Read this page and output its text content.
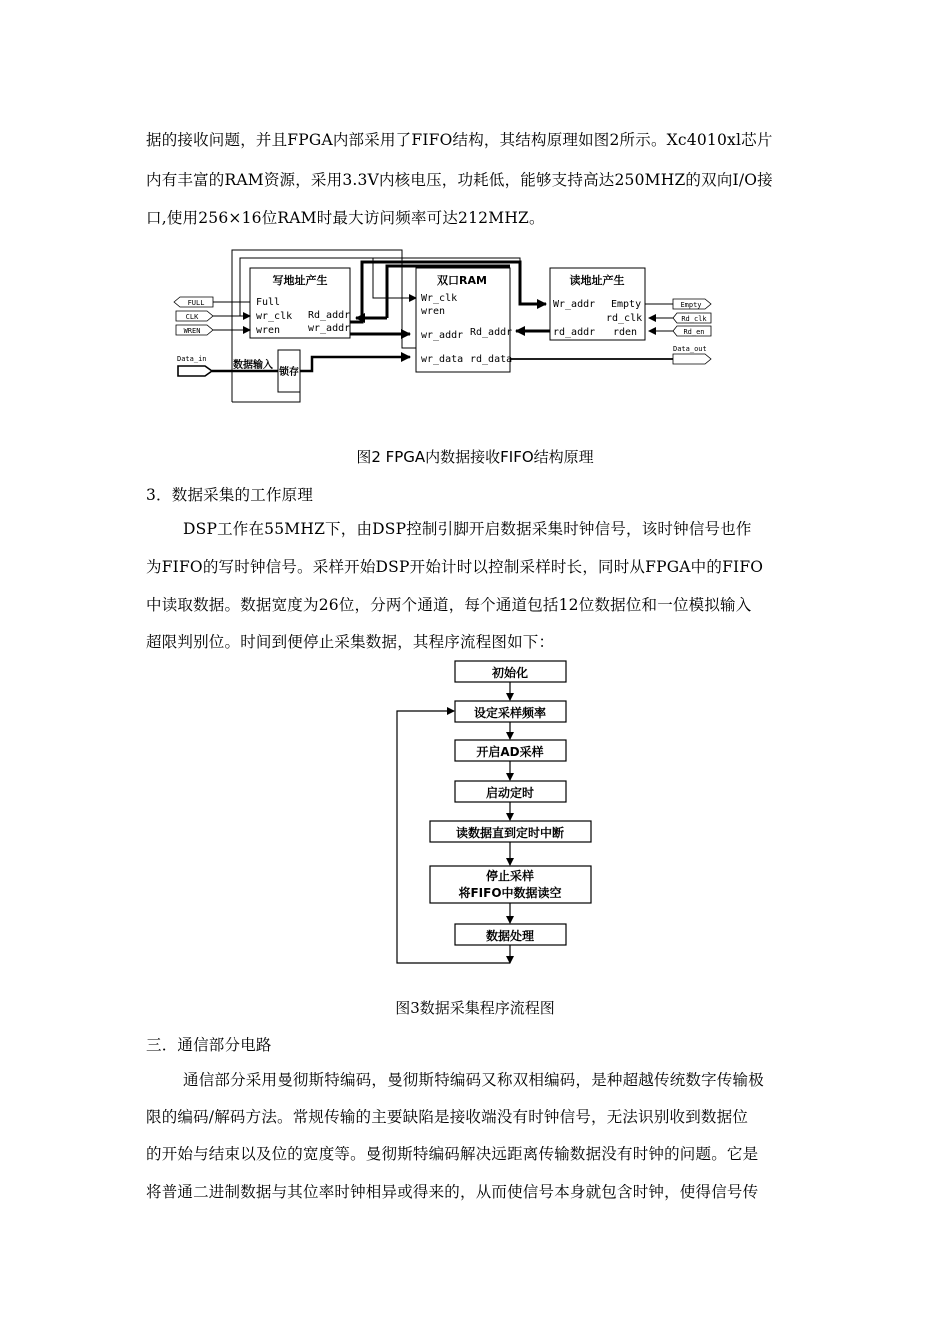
据的接收问题，并且FPGA内部采用了FIFO结构，其结构原理如图2所示。Xc4010xl芯片
内有丰富的RAM资源，采用3.3V内核电压，功耗低，能够支持高达250MHZ的双向I/O接
口,使用256×16位RAM时最大访问频率可达212MHZ。
写地址产生	双口RAM	读地址产生
Full
wr_clk
wren
Rd_addr
wr_addr
Wr_clk
wren
wr_addr Rd_addr
wr_data rd_data
Wr_addr Empty
rd_clk
rd_addr rden
FULL
CLK
WREN
Data_in
数据输入
锁存
Empty
Rd_clk
Rd_en
Data_out
图2 FPGA内数据接收FIFO结构原理
3．数据采集的工作原理
DSP工作在55MHZ下，由DSP控制引脚开启数据采集时钟信号，该时钟信号也作
为FIFO的写时钟信号。采样开始DSP开始计时以控制采样时长，同时从FPGA中的FIFO
中读取数据。数据宽度为26位，分两个通道，每个通道包括12位数据位和一位模拟输入
超限判别位。时间到便停止采集数据，其程序流程图如下：
初始化
设定采样频率
开启AD采样
启动定时
读数据直到定时中断
停止采样
将FIFO中数据读空
数据处理
图3数据采集程序流程图
三．通信部分电路
通信部分采用曼彻斯特编码，曼彻斯特编码又称双相编码，是种超越传统数字传输极
限的编码/解码方法。常规传输的主要缺陷是接收端没有时钟信号，无法识别收到数据位
的开始与结束以及位的宽度等。曼彻斯特编码解决远距离传输数据没有时钟的问题。它是
将普通二进制数据与其位率时钟相异或得来的，从而使信号本身就包含时钟，使得信号传
